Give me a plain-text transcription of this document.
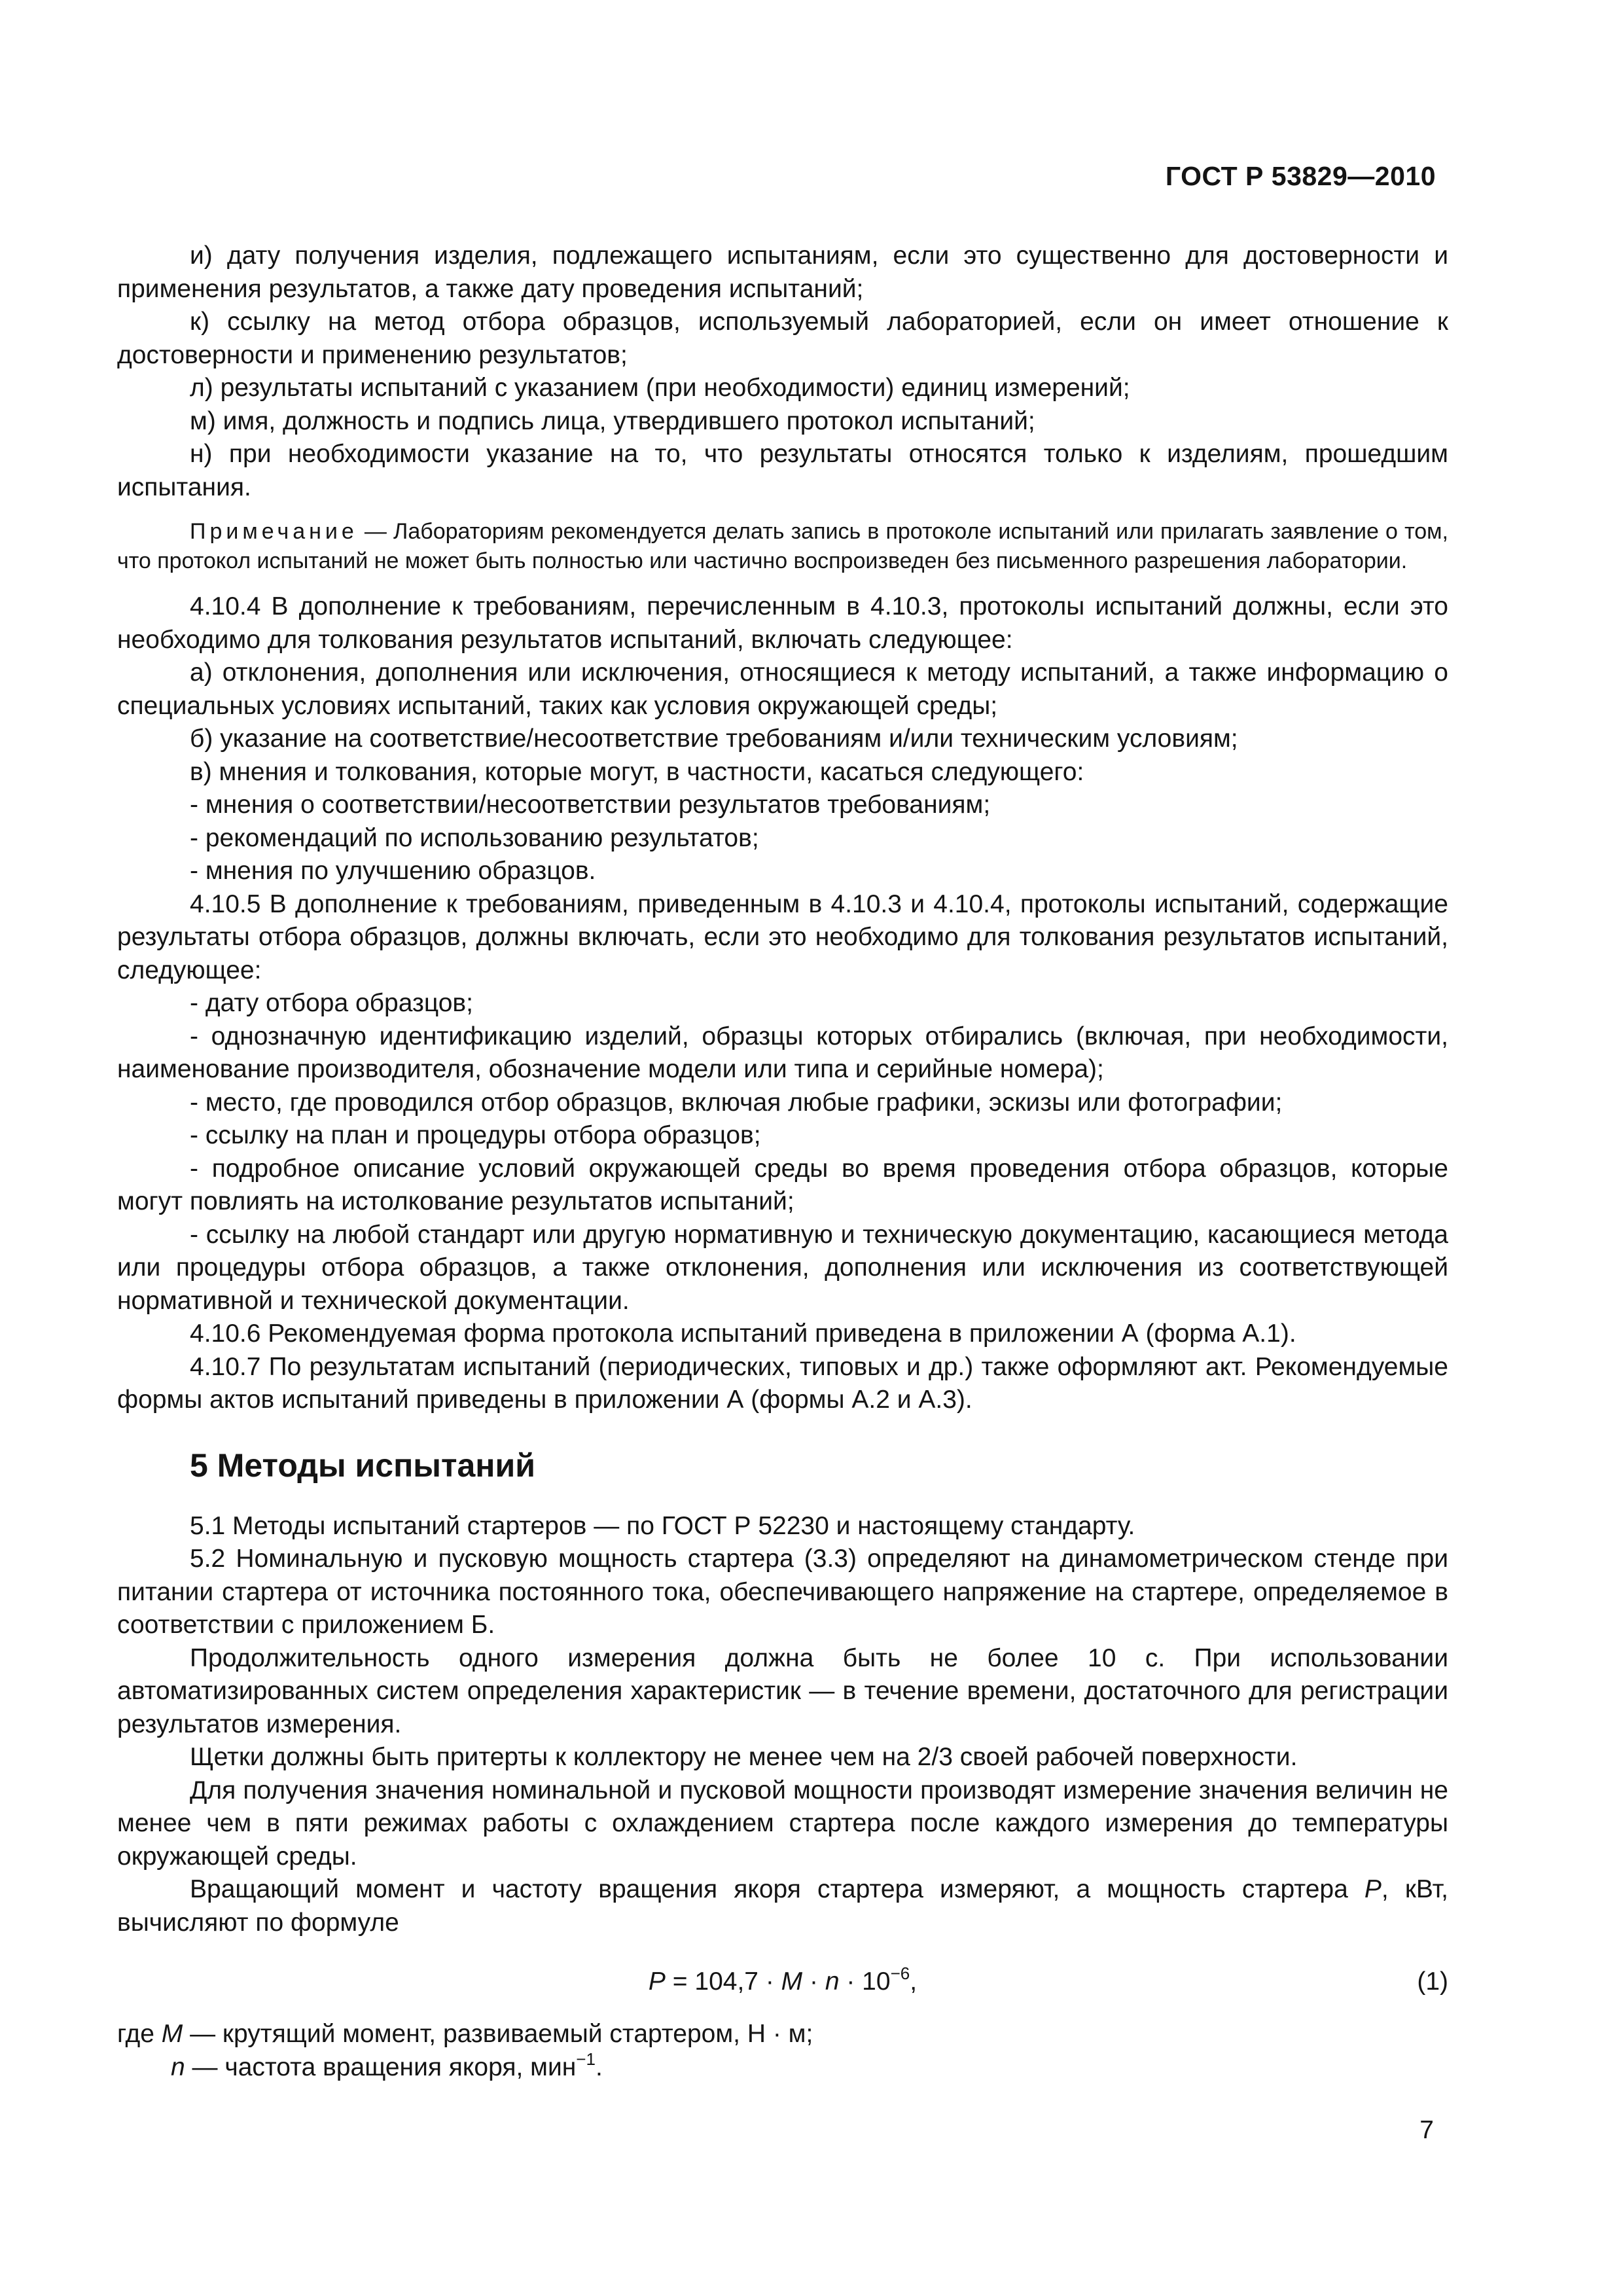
ГОСТ Р 53829—2010

и) дату получения изделия, подлежащего испытаниям, если это существенно для достоверности и применения результатов, а также дату проведения испытаний;

к) ссылку на метод отбора образцов, используемый лабораторией, если он имеет отношение к достоверности и применению результатов;

л) результаты испытаний с указанием (при необходимости) единиц измерений;

м) имя, должность и подпись лица, утвердившего протокол испытаний;

н) при необходимости указание на то, что результаты относятся только к изделиям, прошедшим испытания.

Примечание — Лабораториям рекомендуется делать запись в протоколе испытаний или прилагать заявление о том, что протокол испытаний не может быть полностью или частично воспроизведен без письменного разрешения лаборатории.

4.10.4 В дополнение к требованиям, перечисленным в 4.10.3, протоколы испытаний должны, если это необходимо для толкования результатов испытаний, включать следующее:

а) отклонения, дополнения или исключения, относящиеся к методу испытаний, а также информацию о специальных условиях испытаний, таких как условия окружающей среды;

б) указание на соответствие/несоответствие требованиям и/или техническим условиям;

в) мнения и толкования, которые могут, в частности, касаться следующего:

- мнения о соответствии/несоответствии результатов требованиям;

- рекомендаций по использованию результатов;

- мнения по улучшению образцов.

4.10.5 В дополнение к требованиям, приведенным в 4.10.3 и 4.10.4, протоколы испытаний, содержащие результаты отбора образцов, должны включать, если это необходимо для толкования результатов испытаний, следующее:

- дату отбора образцов;

- однозначную идентификацию изделий, образцы которых отбирались (включая, при необходимости, наименование производителя, обозначение модели или типа и серийные номера);

- место, где проводился отбор образцов, включая любые графики, эскизы или фотографии;

- ссылку на план и процедуры отбора образцов;

- подробное описание условий окружающей среды во время проведения отбора образцов, которые могут повлиять на истолкование результатов испытаний;

- ссылку на любой стандарт или другую нормативную и техническую документацию, касающиеся метода или процедуры отбора образцов, а также отклонения, дополнения или исключения из соответствующей нормативной и технической документации.

4.10.6 Рекомендуемая форма протокола испытаний приведена в приложении А (форма А.1).

4.10.7 По результатам испытаний (периодических, типовых и др.) также оформляют акт. Рекомендуемые формы актов испытаний приведены в приложении А (формы А.2 и А.3).

5 Методы испытаний

5.1 Методы испытаний стартеров — по ГОСТ Р 52230 и настоящему стандарту.

5.2 Номинальную и пусковую мощность стартера (3.3) определяют на динамометрическом стенде при питании стартера от источника постоянного тока, обеспечивающего напряжение на стартере, определяемое в соответствии с приложением Б.

Продолжительность одного измерения должна быть не более 10 с. При использовании автоматизированных систем определения характеристик — в течение времени, достаточного для регистрации результатов измерения.

Щетки должны быть притерты к коллектору не менее чем на 2/3 своей рабочей поверхности.

Для получения значения номинальной и пусковой мощности производят измерение значения величин не менее чем в пяти режимах работы с охлаждением стартера после каждого измерения до температуры окружающей среды.

Вращающий момент и частоту вращения якоря стартера измеряют, а мощность стартера P, кВт, вычисляют по формуле

$P = 104,7 \cdot M \cdot n \cdot 10^{-6}$,	(1)

где M — крутящий момент, развиваемый стартером, Н · м;

n — частота вращения якоря, мин$^{-1}$.

7
